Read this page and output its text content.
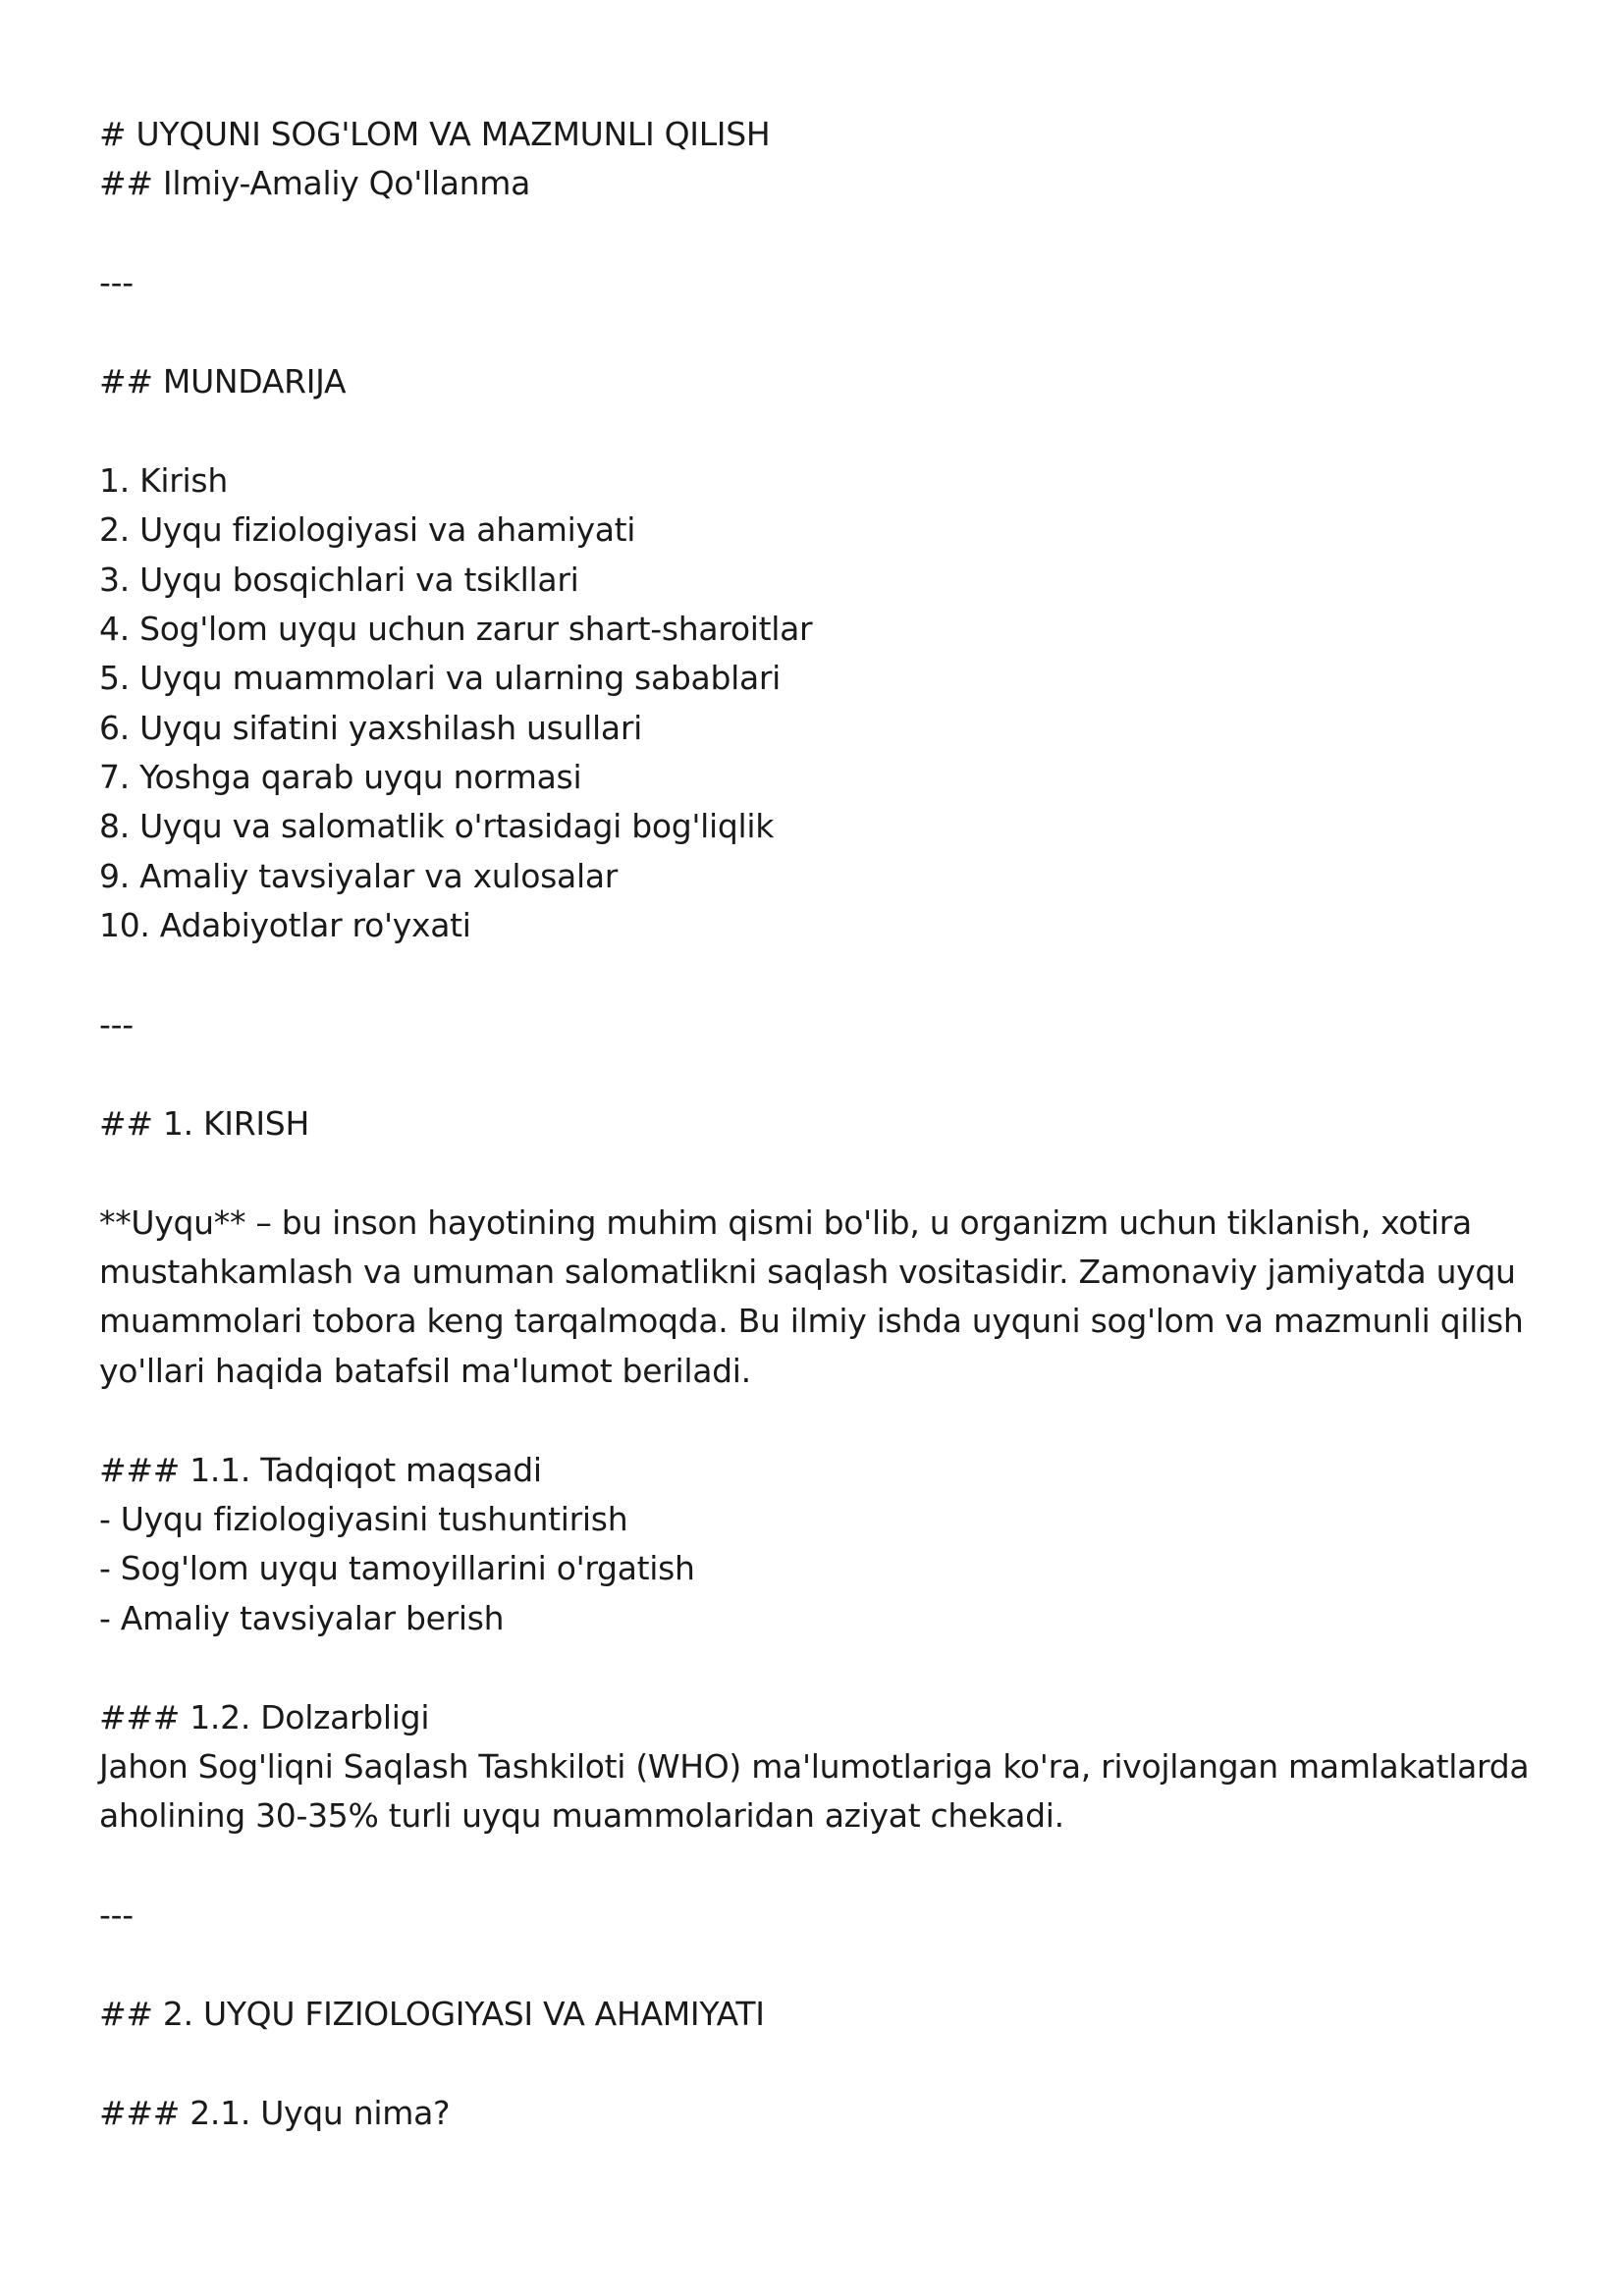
# UYQUNI SOG'LOM VA MAZMUNLI QILISH
## Ilmiy-Amaliy Qo'llanma
---
## MUNDARIJA
1. Kirish
2. Uyqu fiziologiyasi va ahamiyati
3. Uyqu bosqichlari va tsikllari
4. Sog'lom uyqu uchun zarur shart-sharoitlar
5. Uyqu muammolari va ularning sabablari
6. Uyqu sifatini yaxshilash usullari
7. Yoshga qarab uyqu normasi
8. Uyqu va salomatlik o'rtasidagi bog'liqlik
9. Amaliy tavsiyalar va xulosalar
10. Adabiyotlar ro'yxati
---
## 1. KIRISH
**Uyqu** – bu inson hayotining muhim qismi bo'lib, u organizm uchun tiklanish, xotira
mustahkamlash va umuman salomatlikni saqlash vositasidir. Zamonaviy jamiyatda uyqu
muammolari tobora keng tarqalmoqda. Bu ilmiy ishda uyquni sog'lom va mazmunli qilish
yo'llari haqida batafsil ma'lumot beriladi.
### 1.1. Tadqiqot maqsadi
- Uyqu fiziologiyasini tushuntirish
- Sog'lom uyqu tamoyillarini o'rgatish
- Amaliy tavsiyalar berish
### 1.2. Dolzarbligi
Jahon Sog'liqni Saqlash Tashkiloti (WHO) ma'lumotlariga ko'ra, rivojlangan mamlakatlarda
aholining 30-35% turli uyqu muammolaridan aziyat chekadi.
---
## 2. UYQU FIZIOLOGIYASI VA AHAMIYATI
### 2.1. Uyqu nima?
